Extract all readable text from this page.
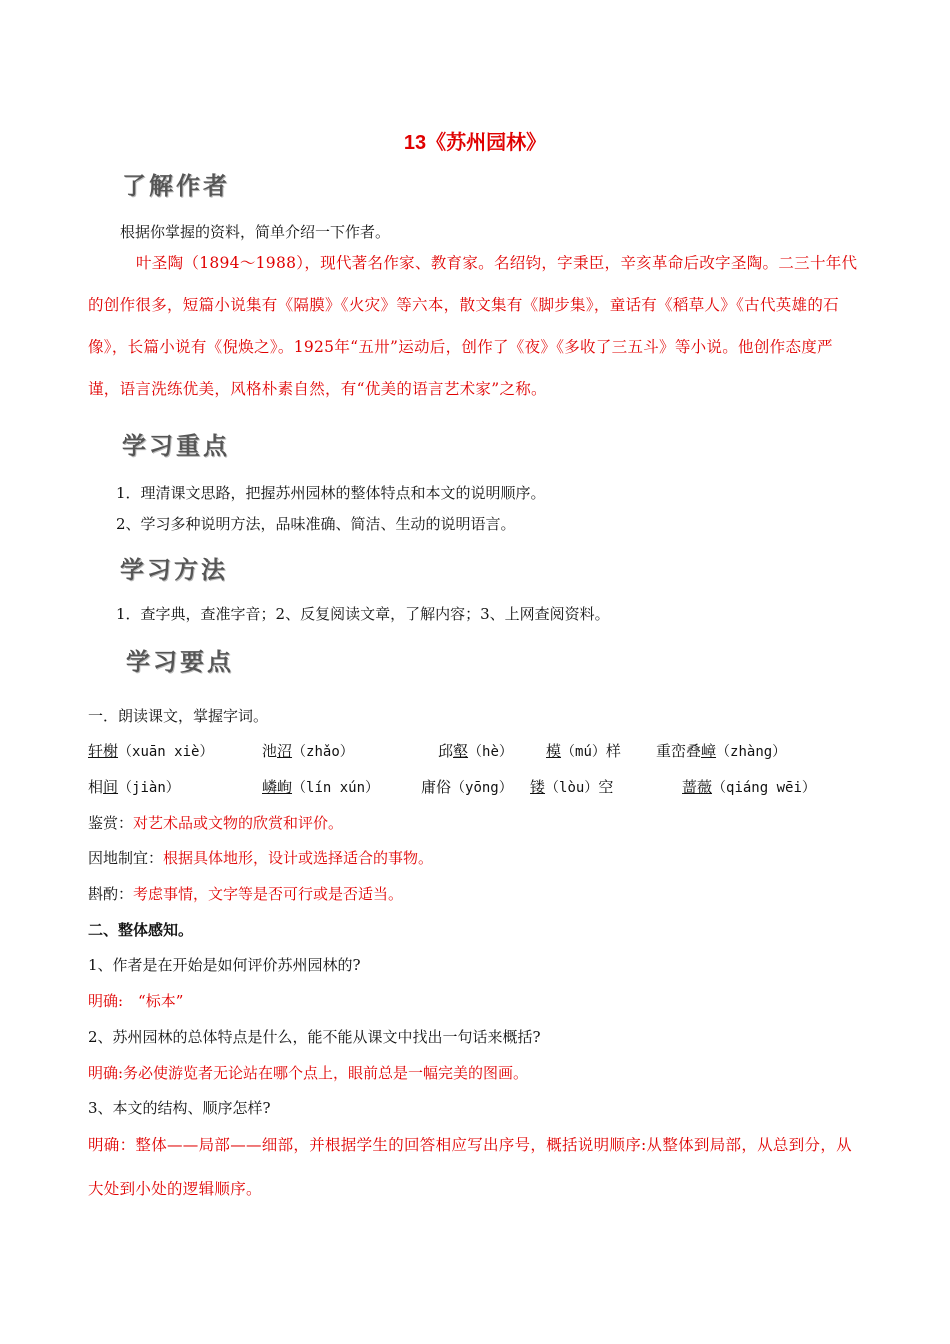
13《苏州园林》
了解作者
根据你掌握的资料，简单介绍一下作者。
叶圣陶（1894～1988），现代著名作家、教育家。名绍钧，字秉臣，辛亥革命后改字圣陶。二三十年代的创作很多，短篇小说集有《隔膜》《火灾》等六本，散文集有《脚步集》，童话有《稻草人》《古代英雄的石像》，长篇小说有《倪焕之》。1925年“五卅”运动后，创作了《夜》《多收了三五斗》等小说。他创作态度严谨，语言洗练优美，风格朴素自然，有“优美的语言艺术家”之称。
学习重点
1．理清课文思路，把握苏州园林的整体特点和本文的说明顺序。
2、学习多种说明方法，品味准确、简洁、生动的说明语言。
学习方法
1．查字典，查准字音；2、反复阅读文章，了解内容；3、上网查阅资料。
学习要点
一．朗读课文，掌握字词。
轩榭（xuān xiè）	池沼（zhǎo）	邱壑（hè） 模（mú）样 重峦叠嶂（zhàng）
相间（jiàn）	嶙峋（lín xún）	庸俗（yōng） 镂（lòu）空	蔷薇（qiáng wēi）
鉴赏：对艺术品或文物的欣赏和评价。
因地制宜：根据具体地形，设计或选择适合的事物。
斟酌：考虑事情，文字等是否可行或是否适当。
二、整体感知。
1、作者是在开始是如何评价苏州园林的?
明确:　“标本”
2、苏州园林的总体特点是什么，能不能从课文中找出一句话来概括?
明确:务必使游览者无论站在哪个点上，眼前总是一幅完美的图画。
3、本文的结构、顺序怎样?
明确：整体——局部——细部，并根据学生的回答相应写出序号，概括说明顺序:从整体到局部，从总到分，从大处到小处的逻辑顺序。
